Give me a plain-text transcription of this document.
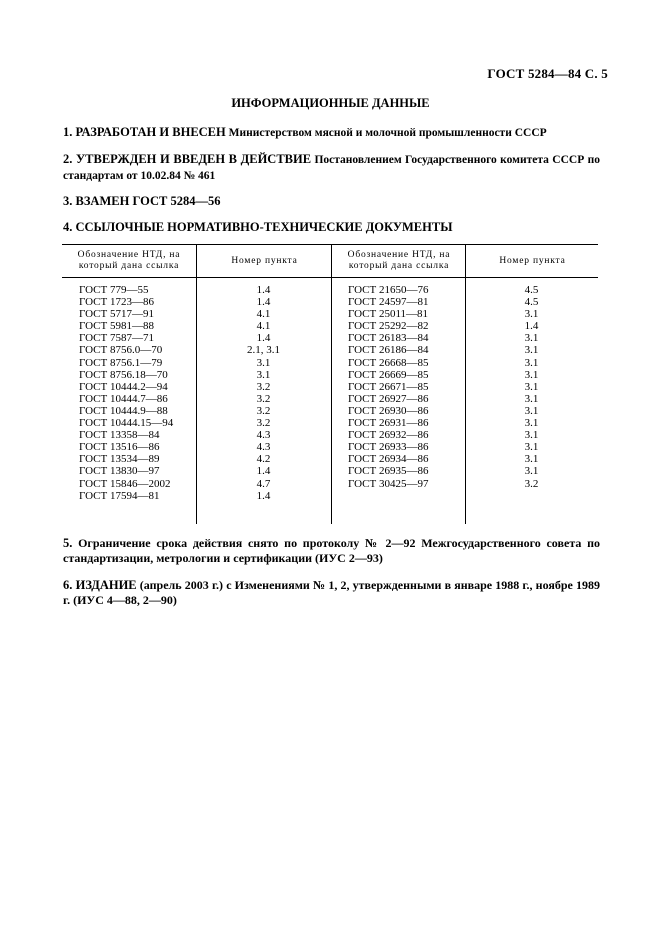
ГОСТ 5284—84 С. 5
ИНФОРМАЦИОННЫЕ ДАННЫЕ
1. РАЗРАБОТАН И ВНЕСЕН Министерством мясной и молочной промышленности СССР
2. УТВЕРЖДЕН И ВВЕДЕН В ДЕЙСТВИЕ Постановлением Государственного комитета СССР по стандартам от 10.02.84 № 461
3. ВЗАМЕН ГОСТ 5284—56
4. ССЫЛОЧНЫЕ НОРМАТИВНО-ТЕХНИЧЕСКИЕ ДОКУМЕНТЫ
Обозначение НТД, на который дана ссылка
Номер пункта
Обозначение НТД, на который дана ссылка
Номер пункта
ГОСТ 779—55
ГОСТ 1723—86
ГОСТ 5717—91
ГОСТ 5981—88
ГОСТ 7587—71
ГОСТ 8756.0—70
ГОСТ 8756.1—79
ГОСТ 8756.18—70
ГОСТ 10444.2—94
ГОСТ 10444.7—86
ГОСТ 10444.9—88
ГОСТ 10444.15—94
ГОСТ 13358—84
ГОСТ 13516—86
ГОСТ 13534—89
ГОСТ 13830—97
ГОСТ 15846—2002
ГОСТ 17594—81
1.4
1.4
4.1
4.1
1.4
2.1, 3.1
3.1
3.1
3.2
3.2
3.2
3.2
4.3
4.3
4.2
1.4
4.7
1.4
ГОСТ 21650—76
ГОСТ 24597—81
ГОСТ 25011—81
ГОСТ 25292—82
ГОСТ 26183—84
ГОСТ 26186—84
ГОСТ 26668—85
ГОСТ 26669—85
ГОСТ 26671—85
ГОСТ 26927—86
ГОСТ 26930—86
ГОСТ 26931—86
ГОСТ 26932—86
ГОСТ 26933—86
ГОСТ 26934—86
ГОСТ 26935—86
ГОСТ 30425—97
4.5
4.5
3.1
1.4
3.1
3.1
3.1
3.1
3.1
3.1
3.1
3.1
3.1
3.1
3.1
3.1
3.2
5. Ограничение срока действия снято по протоколу № 2—92 Межгосударственного совета по стандартизации, метрологии и сертификации (ИУС 2—93)
6. ИЗДАНИЕ (апрель 2003 г.) с Изменениями № 1, 2, утвержденными в январе 1988 г., ноябре 1989 г. (ИУС 4—88, 2—90)
